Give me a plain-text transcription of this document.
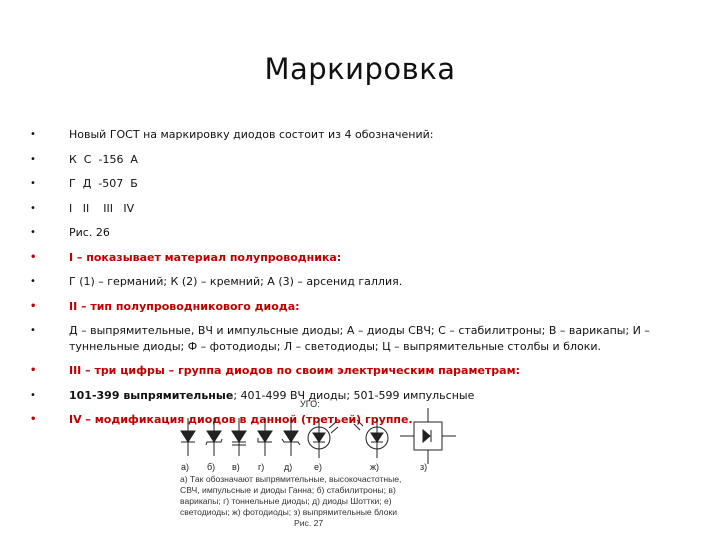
Маркировка
•	Новый ГОСТ на маркировку диодов состоит из 4 обозначений:
•	К  С  -156  А
•	Г  Д  -507  Б
•	I   II    III   IV
•	Рис. 26
•	I – показывает материал полупроводника:
•	Г (1) – германий; К (2) – кремний; А (3) – арсенид галлия.
•	II – тип полупроводникового диода:
•	Д – выпрямительные, ВЧ и импульсные диоды; А – диоды СВЧ; С – стабилитроны; В – варикапы; И – туннельные диоды; Ф – фотодиоды; Л – светодиоды; Ц – выпрямительные столбы и блоки.
•	III – три цифры – группа диодов по своим электрическим параметрам:
•	101-399 выпрямительные; 401-499 ВЧ диоды; 501-599 импульсные
•	IV – модификация диодов в данной (третьей) группе.
УГО:
а) б) в) г) д) е)	ж)	з)
а) Так обозначают выпрямительные, высокочастотные,
СВЧ, импульсные и диоды Ганна; б) стабилитроны; в)
варикапы; г) тоннельные диоды; д) диоды Шоттки; е)
светодиоды; ж) фотодиоды; з) выпрямительные блоки
Рис. 27
